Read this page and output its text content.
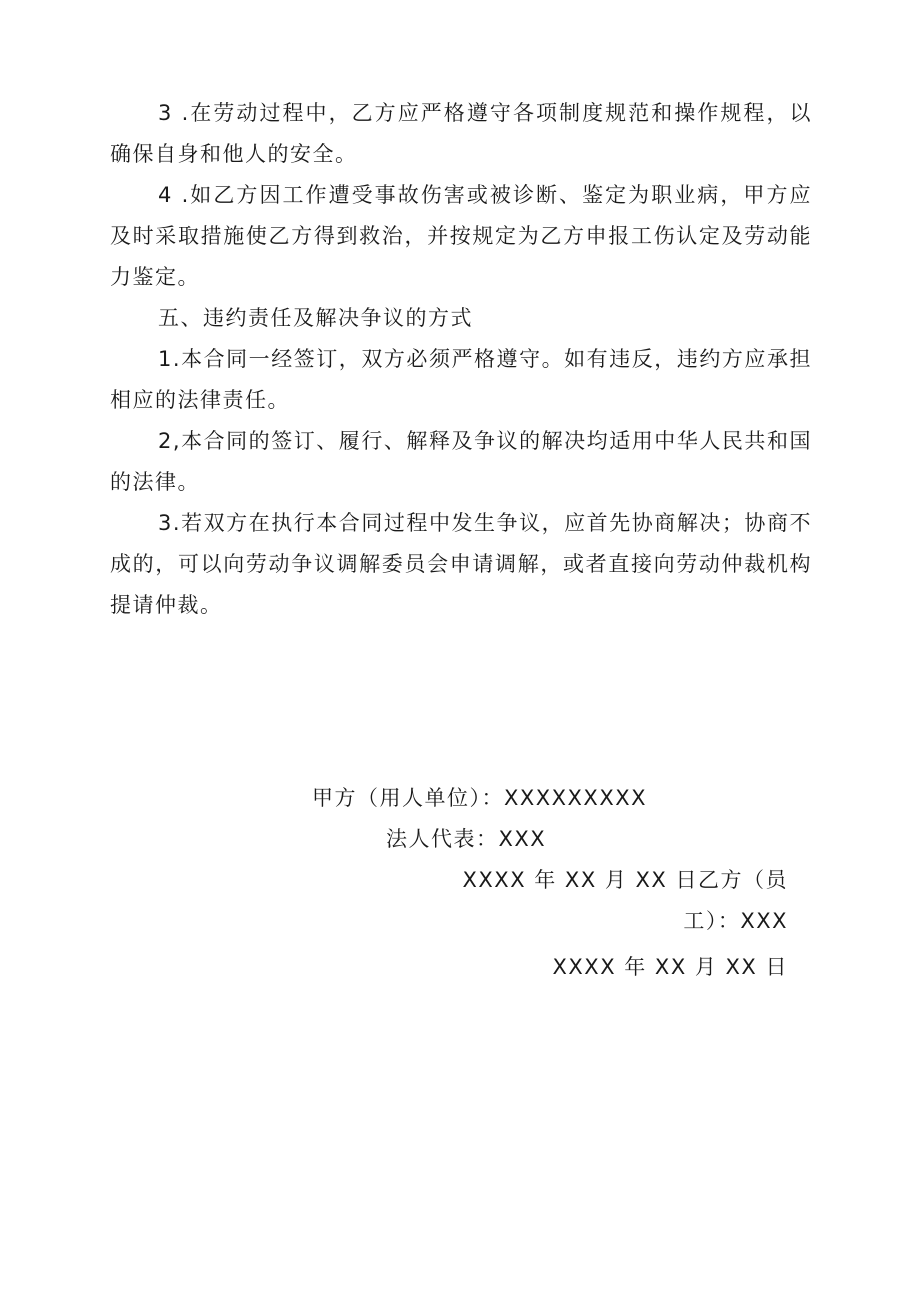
3 .在劳动过程中，乙方应严格遵守各项制度规范和操作规程，以确保自身和他人的安全。

4 .如乙方因工作遭受事故伤害或被诊断、鉴定为职业病，甲方应及时采取措施使乙方得到救治，并按规定为乙方申报工伤认定及劳动能力鉴定。

五、违约责任及解决争议的方式

1.本合同一经签订，双方必须严格遵守。如有违反，违约方应承担相应的法律责任。

2,本合同的签订、履行、解释及争议的解决均适用中华人民共和国的法律。

3.若双方在执行本合同过程中发生争议，应首先协商解决；协商不成的，可以向劳动争议调解委员会申请调解，或者直接向劳动仲裁机构提请仲裁。

甲方（用人单位）：XXXXXXXXX

法人代表：XXX

XXXX 年 XX 月 XX 日乙方（员

工）：XXX

XXXX 年 XX 月 XX 日
